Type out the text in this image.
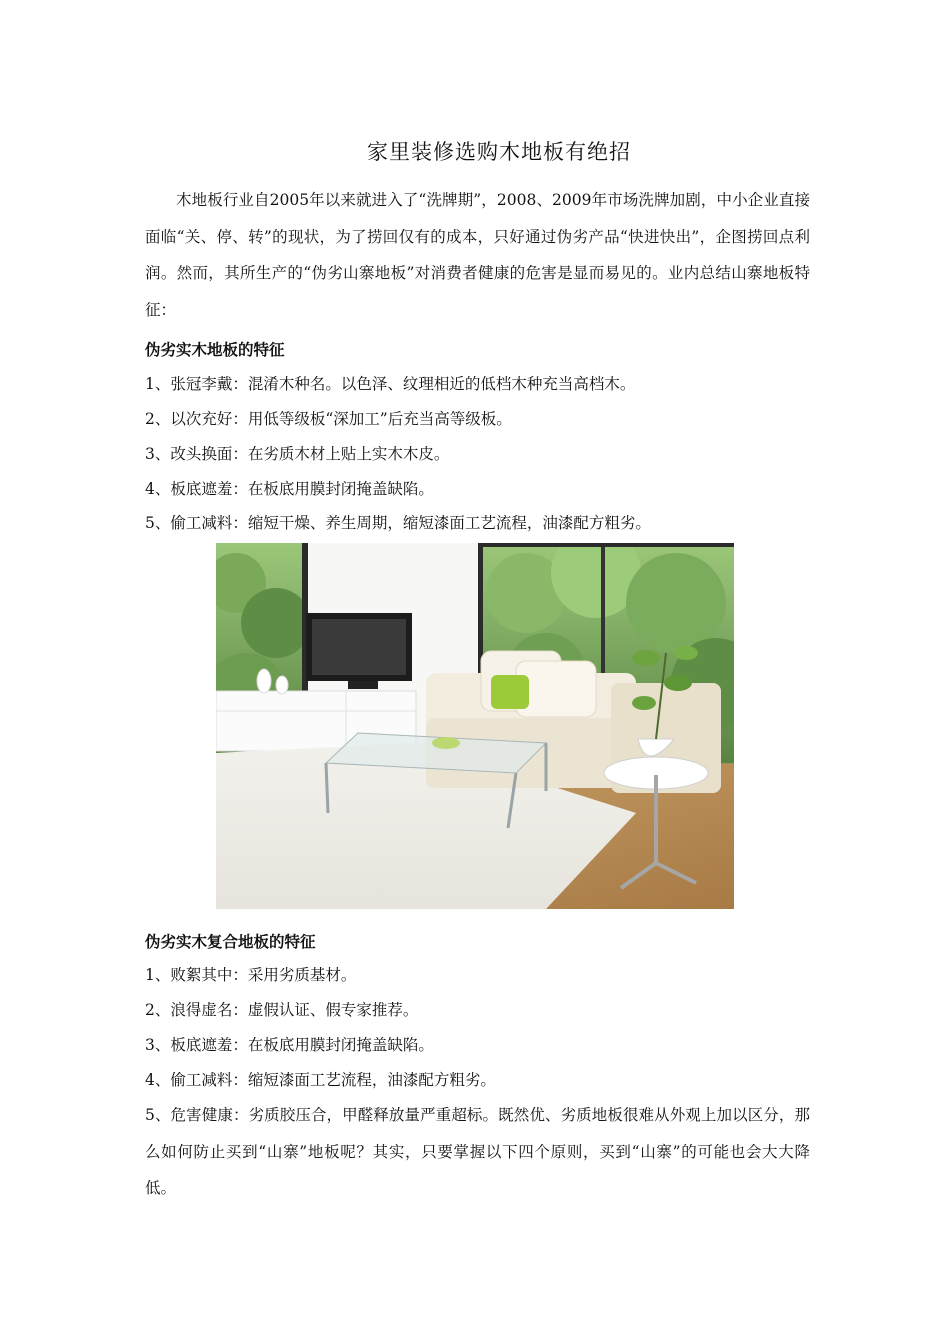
家里装修选购木地板有绝招
木地板行业自2005年以来就进入了“洗牌期”，2008、2009年市场洗牌加剧，中小企业直接面临“关、停、转”的现状，为了捞回仅有的成本，只好通过伪劣产品“快进快出”，企图捞回点利润。然而，其所生产的“伪劣山寨地板”对消费者健康的危害是显而易见的。业内总结山寨地板特征：
伪劣实木地板的特征
1、张冠李戴：混淆木种名。以色泽、纹理相近的低档木种充当高档木。
2、以次充好：用低等级板“深加工”后充当高等级板。
3、改头换面：在劣质木材上贴上实木木皮。
4、板底遮羞：在板底用膜封闭掩盖缺陷。
5、偷工减料：缩短干燥、养生周期，缩短漆面工艺流程，油漆配方粗劣。
伪劣实木复合地板的特征
1、败絮其中：采用劣质基材。
2、浪得虚名：虚假认证、假专家推荐。
3、板底遮羞：在板底用膜封闭掩盖缺陷。
4、偷工减料：缩短漆面工艺流程，油漆配方粗劣。
5、危害健康：劣质胶压合，甲醛释放量严重超标。既然优、劣质地板很难从外观上加以区分，那么如何防止买到“山寨”地板呢？其实，只要掌握以下四个原则，买到“山寨”的可能也会大大降低。
